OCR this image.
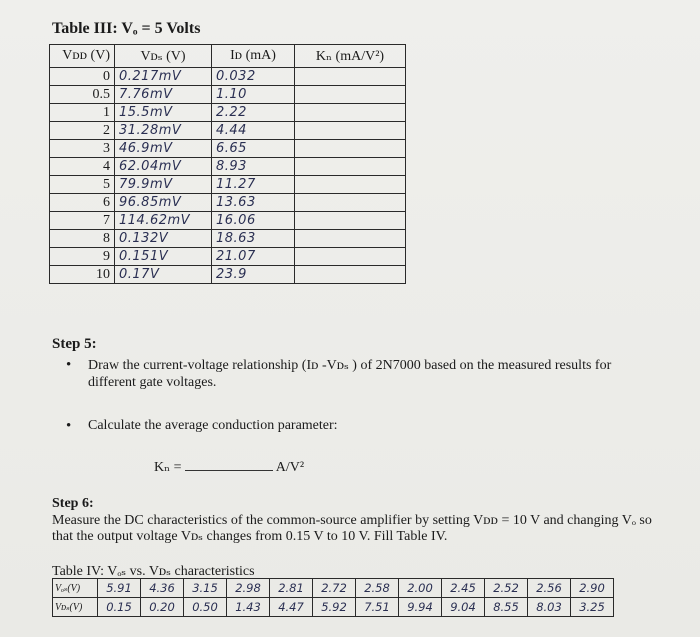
Table III: Vₒ = 5 Volts
Vᴅᴅ (V)	Vᴅₛ (V)	Iᴅ (mA)	Kₙ (mA/V²)
0	0.217mV	0.032	
0.5	7.76mV	1.10	
1	15.5mV	2.22	
2	31.28mV	4.44	
3	46.9mV	6.65	
4	62.04mV	8.93	
5	79.9mV	11.27	
6	96.85mV	13.63	
7	114.62mV	16.06	
8	0.132V	18.63	
9	0.151V	21.07	
10	0.17V	23.9	
Step 5:
• Draw the current-voltage relationship (Iᴅ -Vᴅₛ ) of 2N7000 based on the measured results for different gate voltages.
• Calculate the average conduction parameter:
Kₙ =	A/V²
Step 6:
Measure the DC characteristics of the common-source amplifier by setting Vᴅᴅ = 10 V and changing Vₒ so that the output voltage Vᴅₛ changes from 0.15 V to 10 V. Fill Table IV.
Table IV: Vₒₛ vs. Vᴅₛ characteristics
Vₒₛ(V)	5.91	4.36	3.15	2.98	2.81	2.72	2.58	2.00	2.45	2.52	2.56	2.90
Vᴅₛ(V)	0.15	0.20	0.50	1.43	4.47	5.92	7.51	9.94	9.04	8.55	8.03	3.25
